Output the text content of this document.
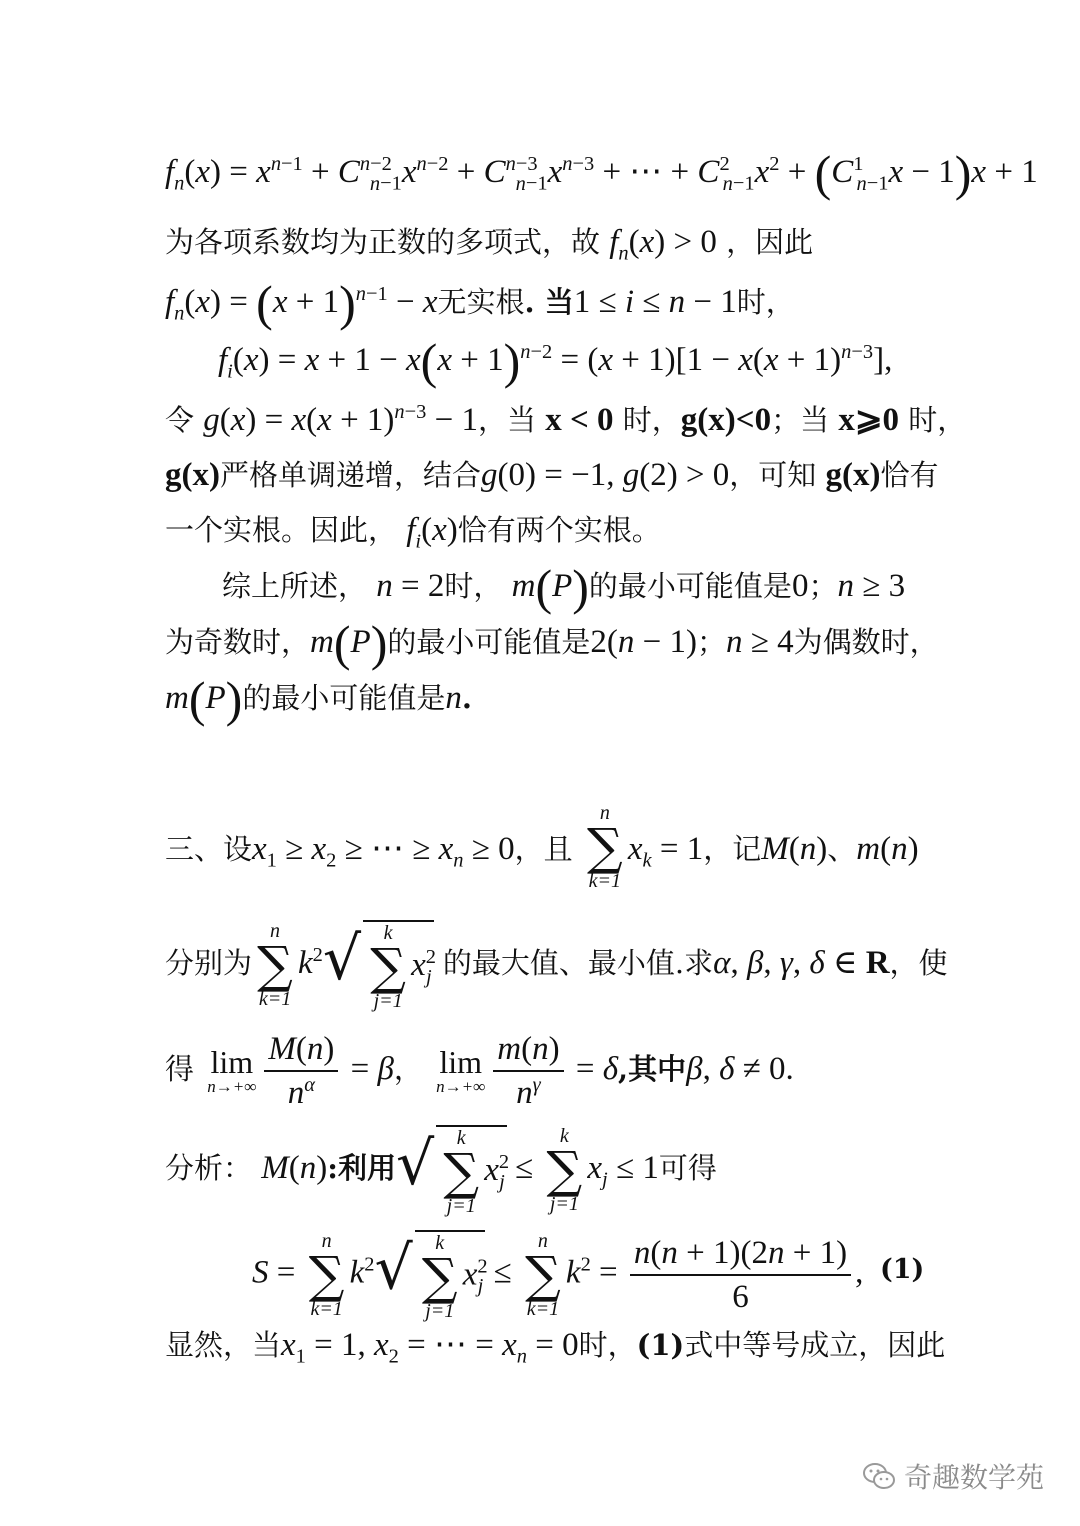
$f_n(x) = x^{n-1} + C^{n-2}_{n-1}x^{n-2} + C^{n-3}_{n-1}x^{n-3}$ + ⋯ + $C^2_{n-1}x^2 + (C^1_{n-1}x - 1)x + 1$
为各项系数均为正数的多项式，故 $f_n(x) > 0$ ，因此
$f_n(x) = (x + 1)^{n-1} - x$无实根. 当1 ≤ i ≤ n − 1时，
$f_i(x) = x + 1 - x(x + 1)^{n-2} = (x + 1)[1 - x(x + 1)^{n-3}]$,
令 $g(x) = x(x + 1)^{n-3} - 1$，当 x < 0 时，g(x)<0；当 x⩾0 时，
g(x)严格单调递增，结合g(0) = −1, g(2) > 0，可知 g(x)恰有
一个实根。因此， $f_i(x)$恰有两个实根。
综上所述， n = 2时， m(P)的最小可能值是0；n ≥ 3
为奇数时，m(P)的最小可能值是2(n − 1)；n ≥ 4为偶数时，
m(P)的最小可能值是n.
三、设$x_1 \ge x_2$ ≥ ⋯ ≥ $x_n \ge 0$，且
n
∑
k=1
$x_k = 1$，记M(n)、m(n)
分别为
n
∑
k=1
$k^2√$	k
∑
j=1
$x^2_j$ 的最大值、最小值.求α, β, γ, δ ∈ R，使
得 lim
$n\to+\infty \frac{M(n)}{n^\alpha} = \beta$， lim
$n\to+\infty \frac{m(n)}{n^\gamma} = \delta$,其中β, δ ≠ 0.
分析： M(n):利用√	k
∑
j=1
$x^2_j$ ≤
k
∑
j=1
$x_j \le 1$可得
S =
n
∑
k=1
$k^2√$	k
∑
j=1
$x^2_j$ ≤
n
∑
k=1
$k^2 = \frac{n(n + 1)(2n + 1)}{6}$ , (1)
显然，当$x_1 = 1$, $x_2$ = ⋯ = $x_n = 0$时，(1)式中等号成立，因此
奇趣数学苑
